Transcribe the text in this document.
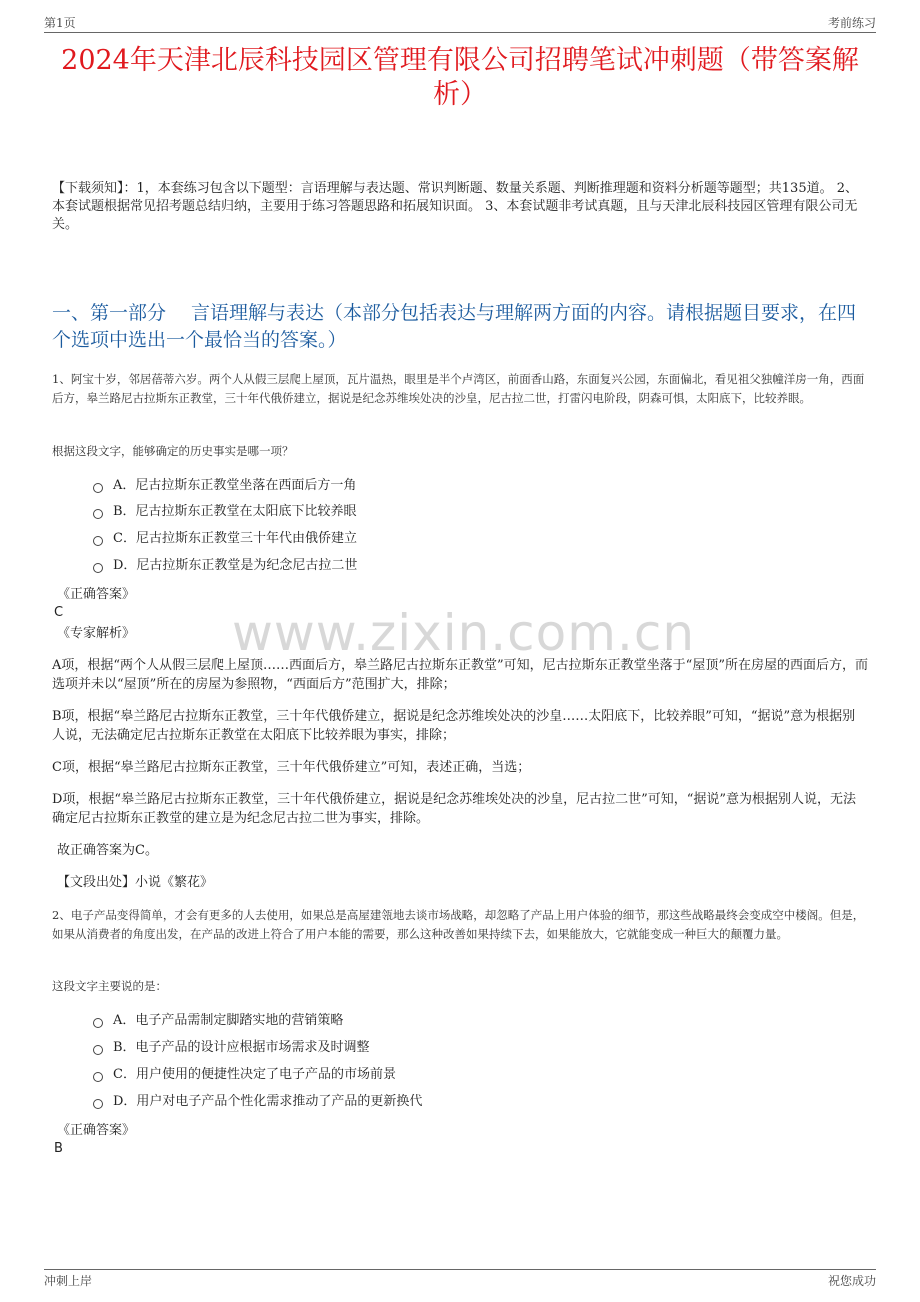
第1页	考前练习
2024年天津北辰科技园区管理有限公司招聘笔试冲刺题（带答案解析）
【下载须知】：1，本套练习包含以下题型：言语理解与表达题、常识判断题、数量关系题、判断推理题和资料分析题等题型；共135道。 2、本套试题根据常见招考题总结归纳，主要用于练习答题思路和拓展知识面。 3、本套试题非考试真题，且与天津北辰科技园区管理有限公司无关。
一、第一部分　 言语理解与表达（本部分包括表达与理解两方面的内容。请根据题目要求，在四个选项中选出一个最恰当的答案。）
1、阿宝十岁，邻居蓓蒂六岁。两个人从假三层爬上屋顶，瓦片温热，眼里是半个卢湾区，前面香山路，东面复兴公园，东面偏北，看见祖父独幢洋房一角，西面后方，皋兰路尼古拉斯东正教堂，三十年代俄侨建立，据说是纪念苏维埃处决的沙皇，尼古拉二世，打雷闪电阶段，阴森可惧，太阳底下，比较养眼。
根据这段文字，能够确定的历史事实是哪一项？
A．尼古拉斯东正教堂坐落在西面后方一角
B．尼古拉斯东正教堂在太阳底下比较养眼
C．尼古拉斯东正教堂三十年代由俄侨建立
D．尼古拉斯东正教堂是为纪念尼古拉二世
《正确答案》
C
《专家解析》 www.zixin.com.cn
A项，根据“两个人从假三层爬上屋顶……西面后方，皋兰路尼古拉斯东正教堂”可知，尼古拉斯东正教堂坐落于“屋顶”所在房屋的西面后方，而选项并未以“屋顶”所在的房屋为参照物，“西面后方”范围扩大，排除；
B项，根据“皋兰路尼古拉斯东正教堂，三十年代俄侨建立，据说是纪念苏维埃处决的沙皇……太阳底下，比较养眼”可知，“据说”意为根据别人说，无法确定尼古拉斯东正教堂在太阳底下比较养眼为事实，排除；
C项，根据“皋兰路尼古拉斯东正教堂，三十年代俄侨建立”可知，表述正确，当选；
D项，根据“皋兰路尼古拉斯东正教堂，三十年代俄侨建立，据说是纪念苏维埃处决的沙皇，尼古拉二世”可知，“据说”意为根据别人说，无法确定尼古拉斯东正教堂的建立是为纪念尼古拉二世为事实，排除。
故正确答案为C。
【文段出处】小说《繁花》
2、电子产品变得简单，才会有更多的人去使用，如果总是高屋建瓴地去谈市场战略，却忽略了产品上用户体验的细节，那这些战略最终会变成空中楼阁。但是，如果从消费者的角度出发，在产品的改进上符合了用户本能的需要，那么这种改善如果持续下去，如果能放大，它就能变成一种巨大的颠覆力量。
这段文字主要说的是：
A．电子产品需制定脚踏实地的营销策略
B．电子产品的设计应根据市场需求及时调整
C．用户使用的便捷性决定了电子产品的市场前景
D．用户对电子产品个性化需求推动了产品的更新换代
《正确答案》
B
冲刺上岸	祝您成功
